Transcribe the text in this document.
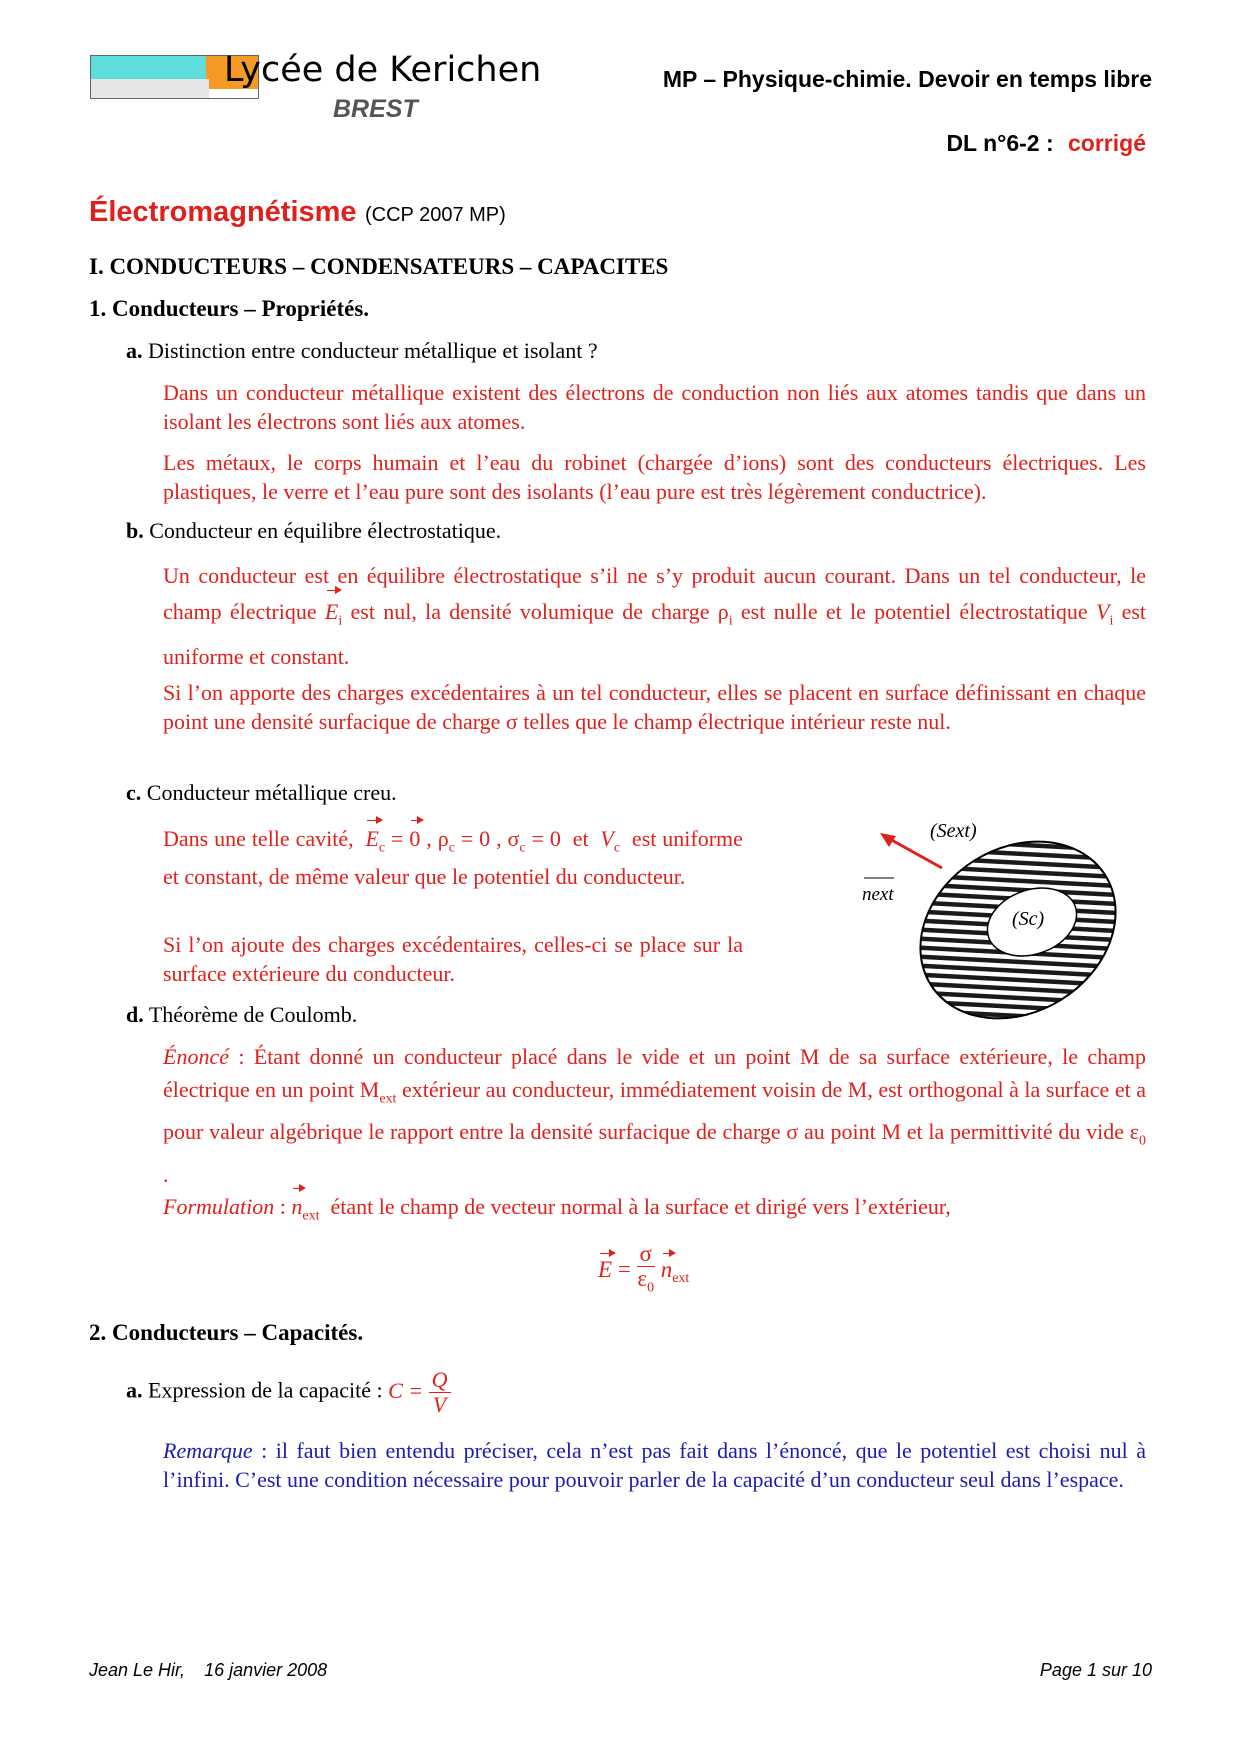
Lycée de Kerichen
BREST
MP – Physique-chimie. Devoir en temps libre
DL n°6-2 : corrigé
Électromagnétisme (CCP 2007 MP)
I. CONDUCTEURS – CONDENSATEURS – CAPACITES
1. Conducteurs – Propriétés.
a. Distinction entre conducteur métallique et isolant ?
Dans un conducteur métallique existent des électrons de conduction non liés aux atomes tandis que dans un isolant les électrons sont liés aux atomes.
Les métaux, le corps humain et l’eau du robinet (chargée d’ions) sont des conducteurs électriques. Les plastiques, le verre et l’eau pure sont des isolants (l’eau pure est très légèrement conductrice).
b. Conducteur en équilibre électrostatique.
Un conducteur est en équilibre électrostatique s’il ne s’y produit aucun courant. Dans un tel conducteur, le champ électrique $E_i$ est nul, la densité volumique de charge $\rho_i$ est nulle et le potentiel électrostatique $V_i$ est uniforme et constant.
Si l’on apporte des charges excédentaires à un tel conducteur, elles se placent en surface définissant en chaque point une densité surfacique de charge σ telles que le champ électrique intérieur reste nul.
c. Conducteur métallique creu.
Dans une telle cavité, $E_c = 0$ , $\rho_c = 0$ , $\sigma_c = 0$  et  $V_c$  est uniforme et constant, de même valeur que le potentiel du conducteur.
Si l’on ajoute des charges excédentaires, celles-ci se place sur la surface extérieure du conducteur.
(Sext)
(Sc)
next
d. Théorème de Coulomb.
Énoncé : Étant donné un conducteur placé dans le vide et un point M de sa surface extérieure, le champ électrique en un point $M_{ext}$ extérieur au conducteur, immédiatement voisin de M, est orthogonal à la surface et a pour valeur algébrique le rapport entre la densité surfacique de charge σ au point M et la permittivité du vide $\varepsilon_0$ .
Formulation : $n_{ext}$ étant le champ de vecteur normal à la surface et dirigé vers l’extérieur,
$E = \frac{\sigma}{\varepsilon_0} n_{ext}$
2. Conducteurs – Capacités.
a. Expression de la capacité : $C = \frac{Q}{V}$
Remarque : il faut bien entendu préciser, cela n’est pas fait dans l’énoncé, que le potentiel est choisi nul à l’infini. C’est une condition nécessaire pour pouvoir parler de la capacité d’un conducteur seul dans l’espace.
Jean Le Hir, 16 janvier 2008	Page 1 sur 10
